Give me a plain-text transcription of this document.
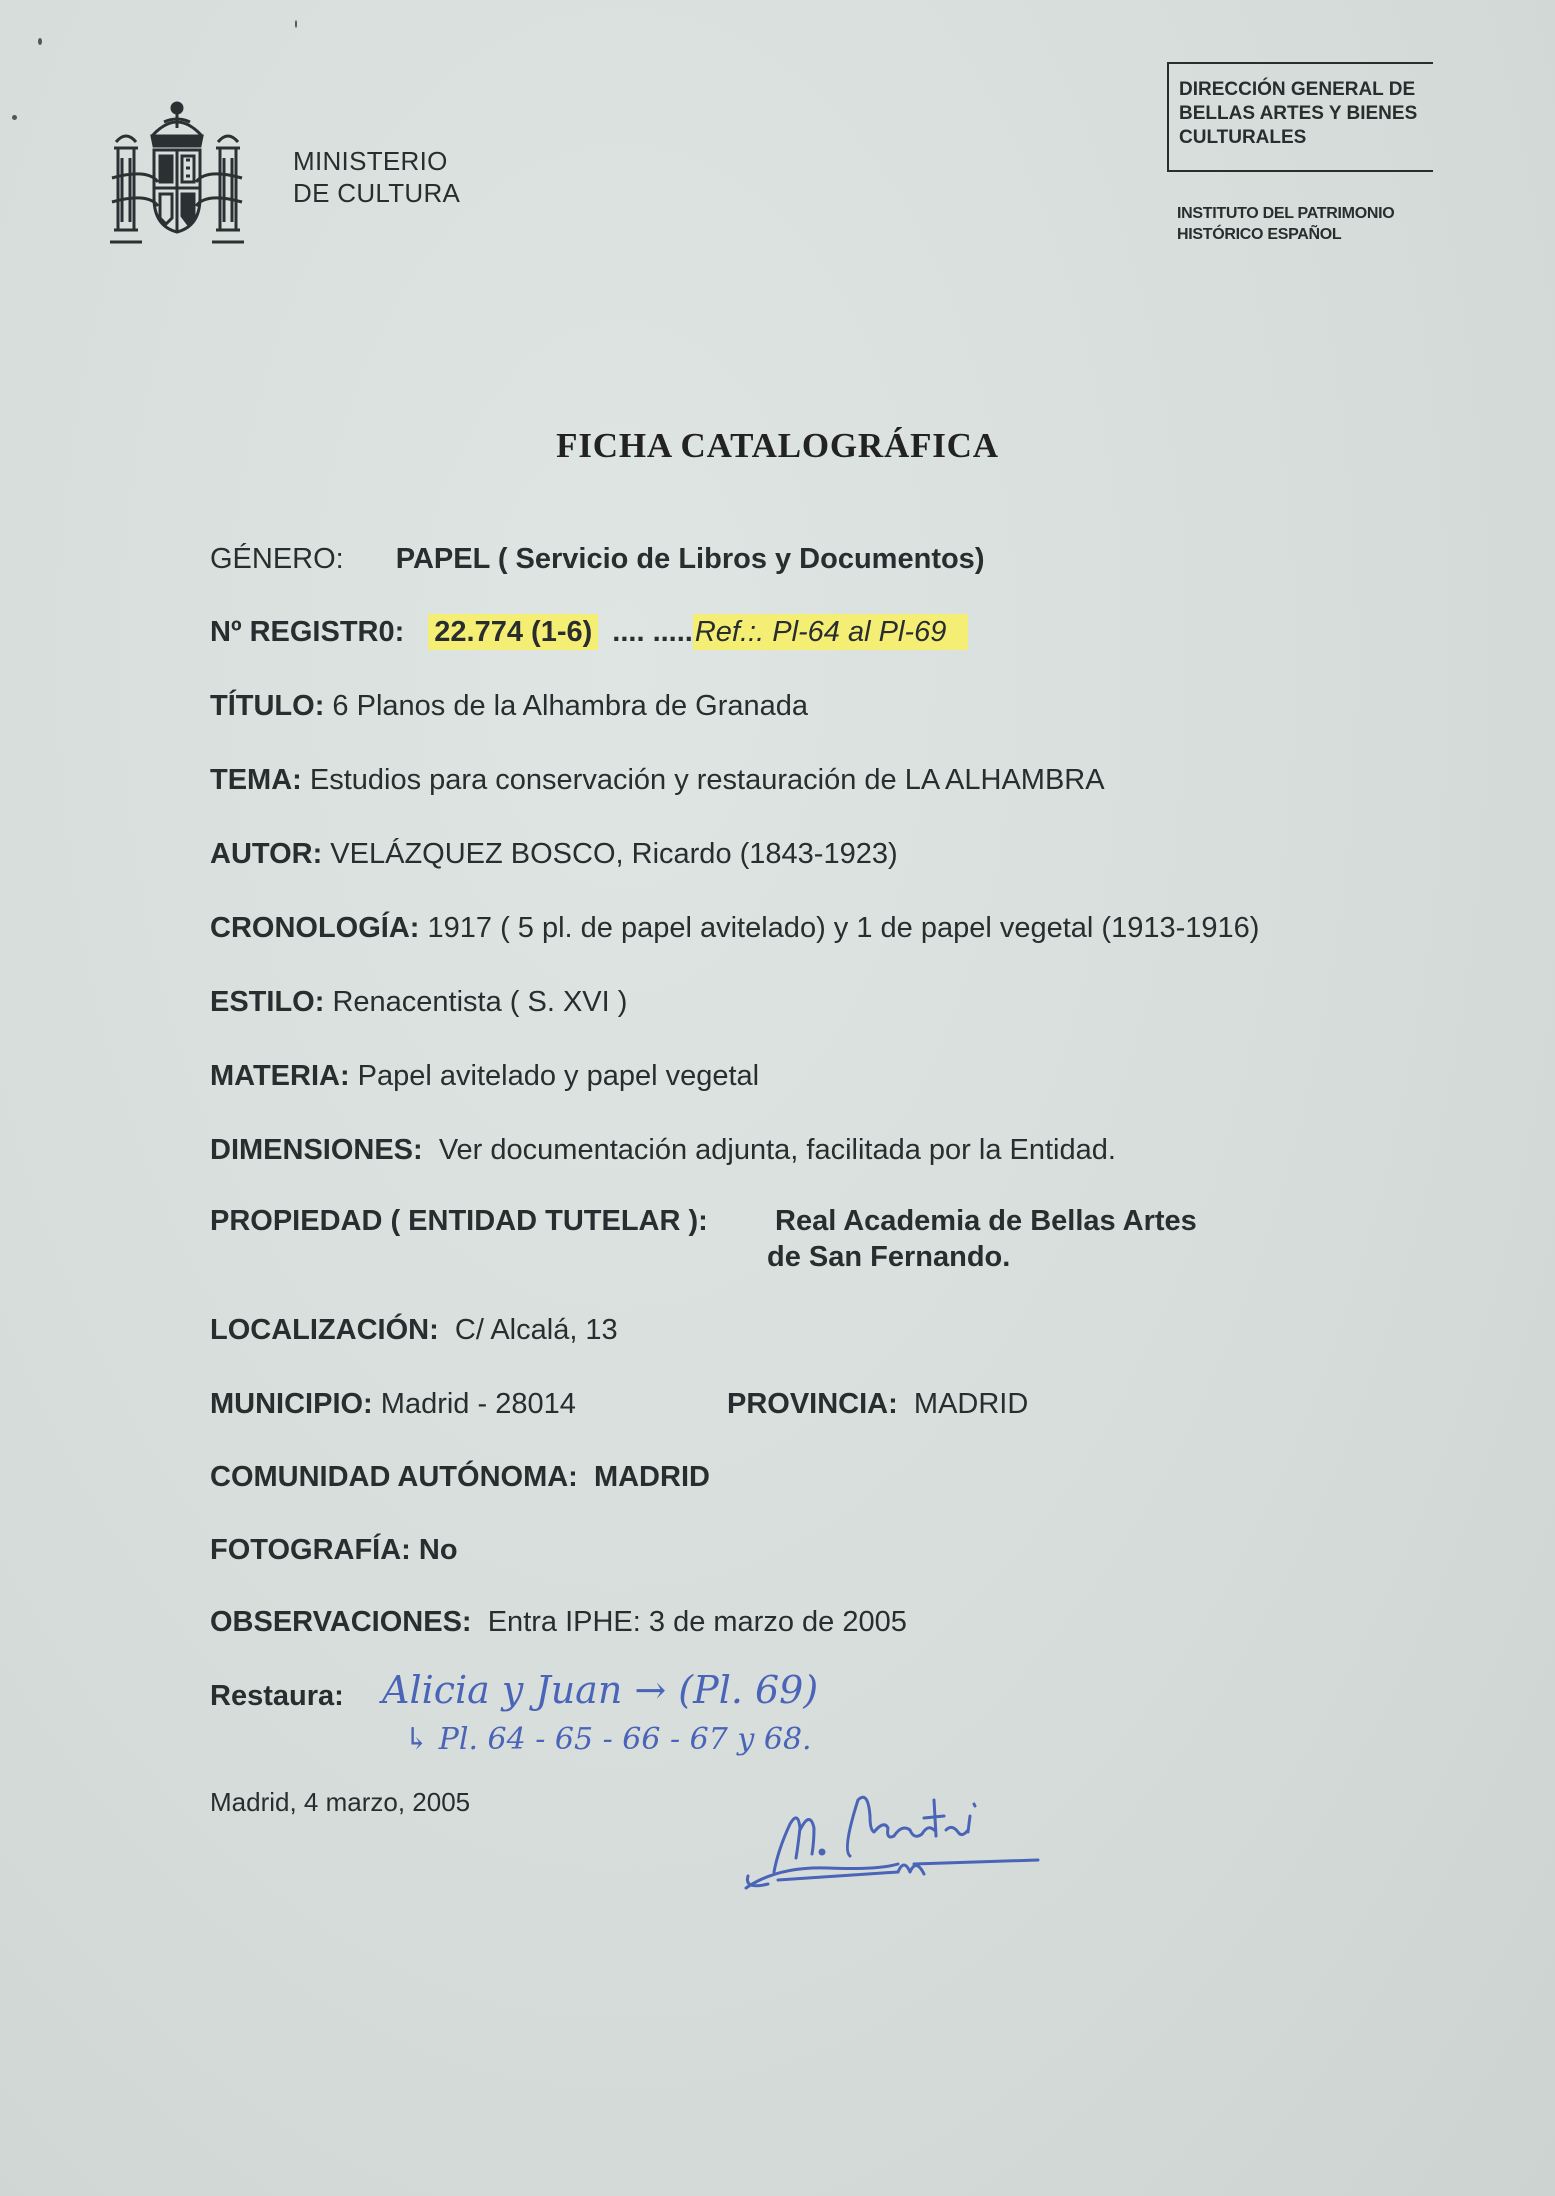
MINISTERIO
DE CULTURA
DIRECCIÓN GENERAL DE
BELLAS ARTES Y BIENES
CULTURALES
INSTITUTO DEL PATRIMONIO
HISTÓRICO ESPAÑOL
FICHA CATALOGRÁFICA
GÉNERO: PAPEL ( Servicio de Libros y Documentos)
Nº REGISTR0: 22.774 (1-6) .... .....Ref.:. Pl-64 al Pl-69
TÍTULO: 6 Planos de la Alhambra de Granada
TEMA: Estudios para conservación y restauración de LA ALHAMBRA
AUTOR: VELÁZQUEZ BOSCO, Ricardo (1843-1923)
CRONOLOGÍA: 1917 ( 5 pl. de papel avitelado) y 1 de papel vegetal (1913-1916)
ESTILO: Renacentista ( S. XVI )
MATERIA: Papel avitelado y papel vegetal
DIMENSIONES: Ver documentación adjunta, facilitada por la Entidad.
PROPIEDAD ( ENTIDAD TUTELAR ): Real Academia de Bellas Artes
de San Fernando.
LOCALIZACIÓN: C/ Alcalá, 13
MUNICIPIO: Madrid - 28014	PROVINCIA: MADRID
COMUNIDAD AUTÓNOMA: MADRID
FOTOGRAFÍA: No
OBSERVACIONES: Entra IPHE: 3 de marzo de 2005
Restaura: Alicia y Juan → (Pl. 69)
↳ Pl. 64 - 65 - 66 - 67 y 68.
Madrid, 4 marzo, 2005
